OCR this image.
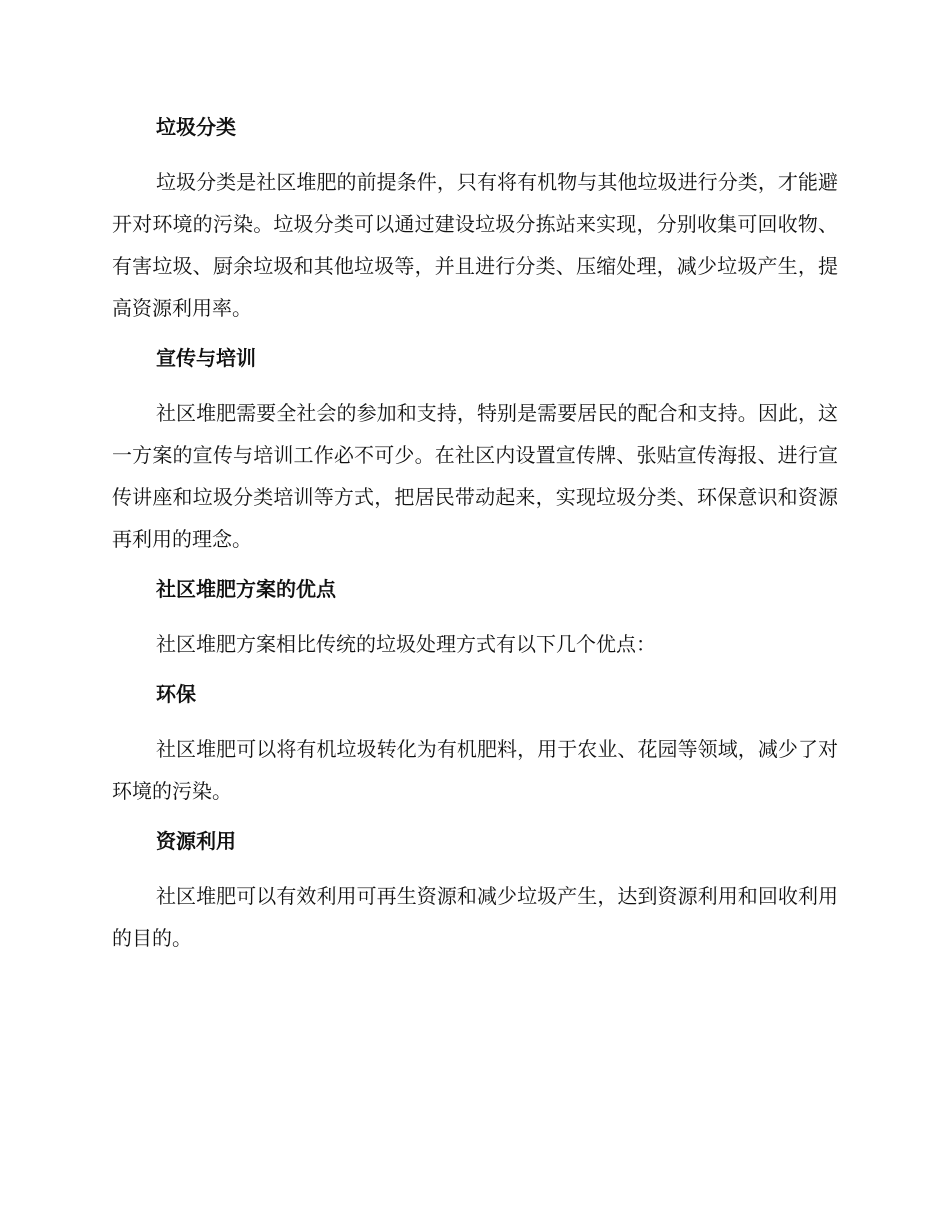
垃圾分类

垃圾分类是社区堆肥的前提条件，只有将有机物与其他垃圾进行分类，才能避开对环境的污染。垃圾分类可以通过建设垃圾分拣站来实现，分别收集可回收物、有害垃圾、厨余垃圾和其他垃圾等，并且进行分类、压缩处理，减少垃圾产生，提高资源利用率。

宣传与培训

社区堆肥需要全社会的参加和支持，特别是需要居民的配合和支持。因此，这一方案的宣传与培训工作必不可少。在社区内设置宣传牌、张贴宣传海报、进行宣传讲座和垃圾分类培训等方式，把居民带动起来，实现垃圾分类、环保意识和资源再利用的理念。

社区堆肥方案的优点

社区堆肥方案相比传统的垃圾处理方式有以下几个优点：

环保

社区堆肥可以将有机垃圾转化为有机肥料，用于农业、花园等领域，减少了对环境的污染。

资源利用

社区堆肥可以有效利用可再生资源和减少垃圾产生，达到资源利用和回收利用的目的。
